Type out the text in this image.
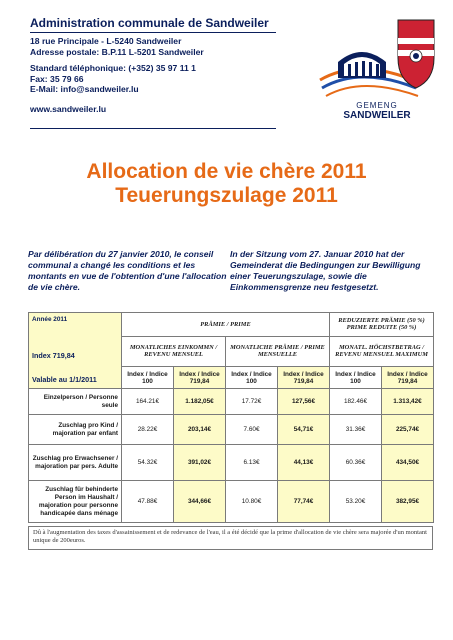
Administration communale de Sandweiler
18 rue Principale - L-5240 Sandweiler
Adresse postale: B.P.11 L-5201 Sandweiler
Standard téléphonique: (+352) 35 97 11 1
Fax: 35 79 66
E-Mail: info@sandweiler.lu
www.sandweiler.lu	GEMENG
SANDWEILER
Allocation de vie chère 2011
Teuerungszulage 2011
Par délibération du 27 janvier 2010, le conseil communal a changé les conditions et les montants en vue de l'obtention d'une l'allocation de vie chère.
In der Sitzung vom 27. Januar 2010 hat der Gemeinderat die Bedingungen zur Bewilligung einer Teuerungszulage, sowie die Einkommensgrenze neu festgesetzt.
Année 2011
Index 719,84
Valable au 1/1/2011	PRÄMIE / PRIME				REDUZIERTE PRÄMIE (50 %) PRIME REDUITE (50 %)	
	MONATLICHES EINKOMMN / REVENU MENSUEL		MONATLICHE PRÄMIE / PRIME MENSUELLE		MONATL. HÖCHSTBETRAG / REVENU MENSUEL MAXIMUM	
	Index / Indice 100	Index / Indice 719,84	Index / Indice 100	Index / Indice 719,84	Index / Indice 100	Index / Indice 719,84
Einzelperson / Personne seule	164.21€	1.182,05€	17.72€	127,56€	182.46€	1.313,42€
Zuschlag pro Kind / majoration par enfant	28.22€	203,14€	7.60€	54,71€	31.36€	225,74€
Zuschlag pro Erwachsener / majoration par pers. Adulte	54.32€	391,02€	6.13€	44,13€	60.36€	434,50€
Zuschlag für behinderte Person im Haushalt / majoration pour personne handicapée dans ménage	47.88€	344,66€	10.80€	77,74€	53.20€	382,95€
Dû à l'augmentation des taxes d'assainissement et de redevance de l'eau, il a été décidé que la prime d'allocation de vie chère sera majorée d'un montant unique de 200euros.
